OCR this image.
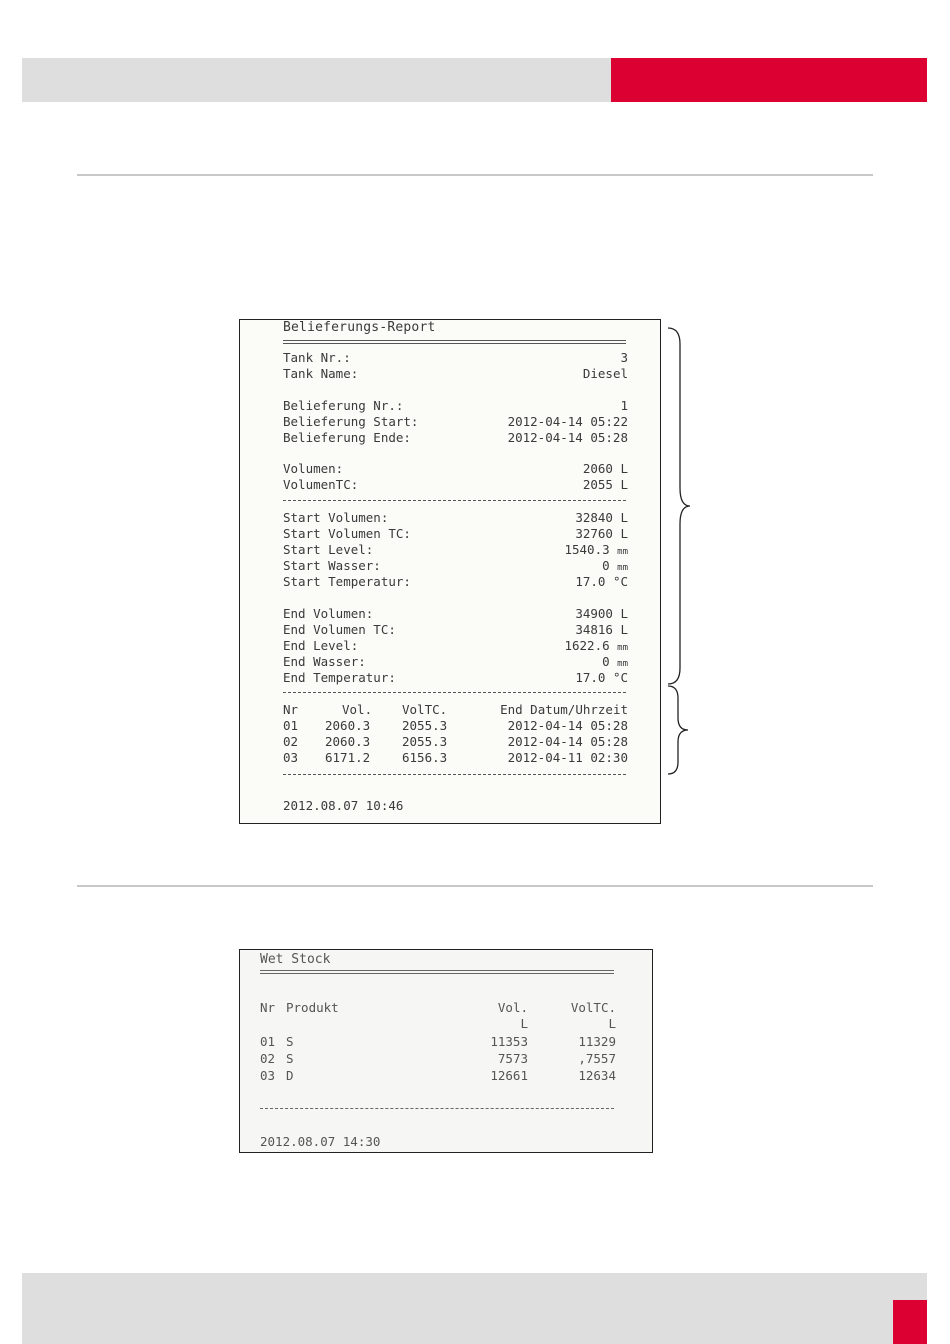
Belieferungs-Report
Tank Nr.:	3
Tank Name:	Diesel
Belieferung Nr.:	1
Belieferung Start:	2012-04-14 05:22
Belieferung Ende:	2012-04-14 05:28
Volumen:	2060 L
VolumenTC:	2055 L
Start Volumen:	32840 L
Start Volumen TC:	32760 L
Start Level:	1540.3 mm
Start Wasser:	0 mm
Start Temperatur:	17.0 °C
End Volumen:	34900 L
End Volumen TC:	34816 L
End Level:	1622.6 mm
End Wasser:	0 mm
End Temperatur:	17.0 °C
Nr	Vol. VolTC.	End Datum/Uhrzeit
01 2060.3	2055.3	2012-04-14 05:28
02 2060.3	2055.3	2012-04-14 05:28
03 6171.2	6156.3	2012-04-11 02:30
2012.08.07 10:46
Wet Stock
Nr Produkt	Vol.	VolTC.
L	L
01 S	11353	11329
02 S	7573	,7557
03 D	12661	12634
2012.08.07 14:30
